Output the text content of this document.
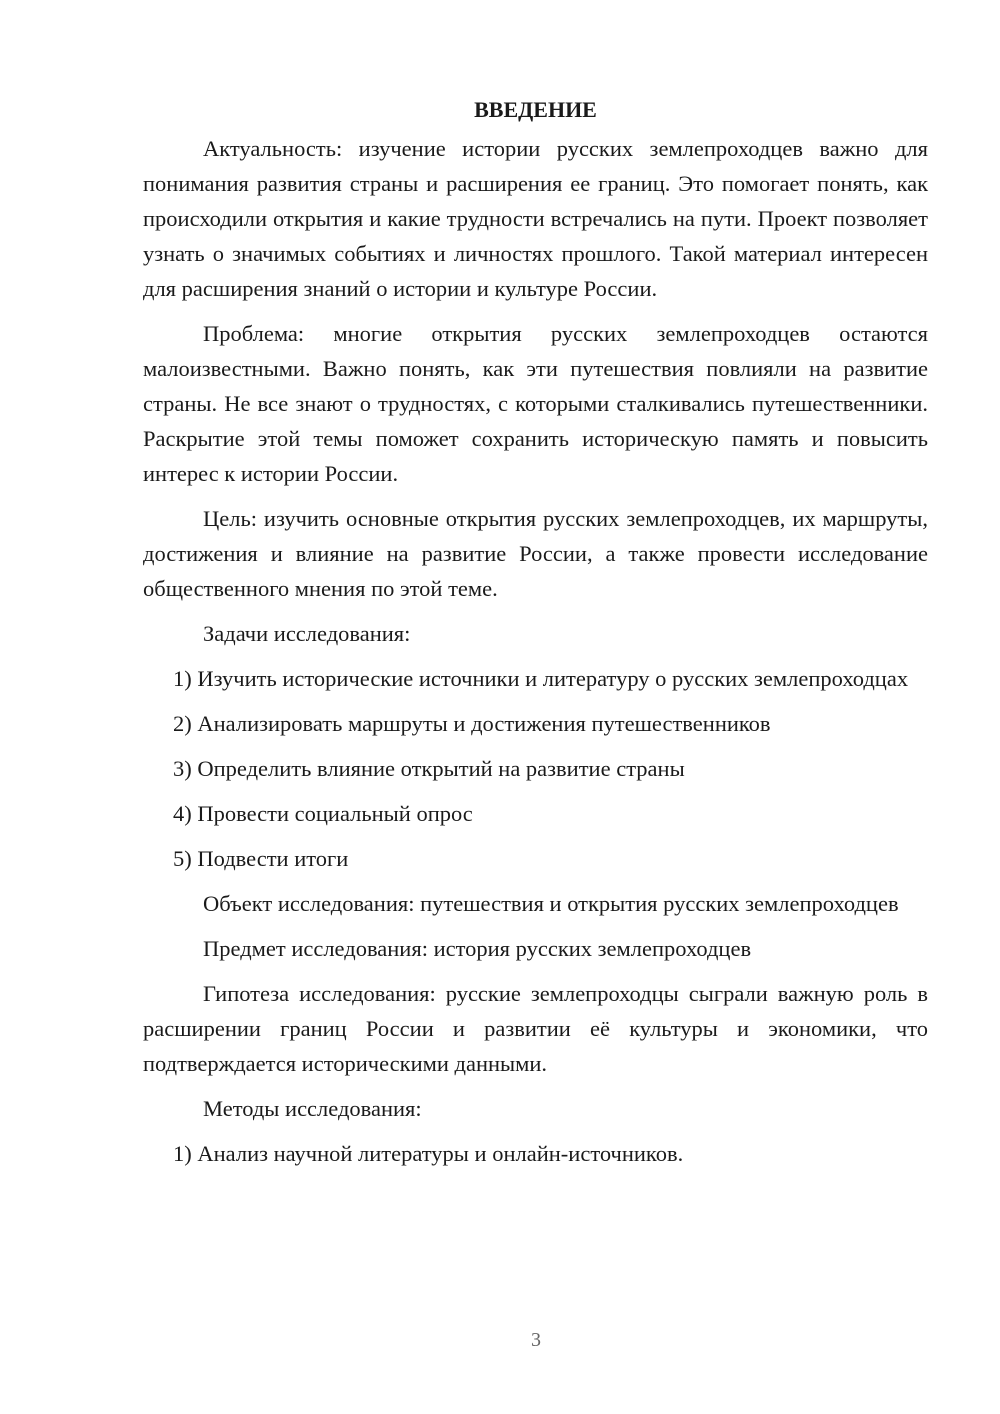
ВВЕДЕНИЕ

Актуальность: изучение истории русских землепроходцев важно для понимания развития страны и расширения ее границ. Это помогает понять, как происходили открытия и какие трудности встречались на пути. Проект позволяет узнать о значимых событиях и личностях прошлого. Такой материал интересен для расширения знаний о истории и культуре России.

Проблема: многие открытия русских землепроходцев остаются малоизвестными. Важно понять, как эти путешествия повлияли на развитие страны. Не все знают о трудностях, с которыми сталкивались путешественники. Раскрытие этой темы поможет сохранить историческую память и повысить интерес к истории России.

Цель: изучить основные открытия русских землепроходцев, их маршруты, достижения и влияние на развитие России, а также провести исследование общественного мнения по этой теме.

Задачи исследования:

1) Изучить исторические источники и литературу о русских землепроходцах

2) Анализировать маршруты и достижения путешественников

3) Определить влияние открытий на развитие страны

4) Провести социальный опрос

5) Подвести итоги

Объект исследования: путешествия и открытия русских землепроходцев

Предмет исследования: история русских землепроходцев

Гипотеза исследования: русские землепроходцы сыграли важную роль в расширении границ России и развитии её культуры и экономики, что подтверждается историческими данными.

Методы исследования:

1) Анализ научной литературы и онлайн-источников.

3
